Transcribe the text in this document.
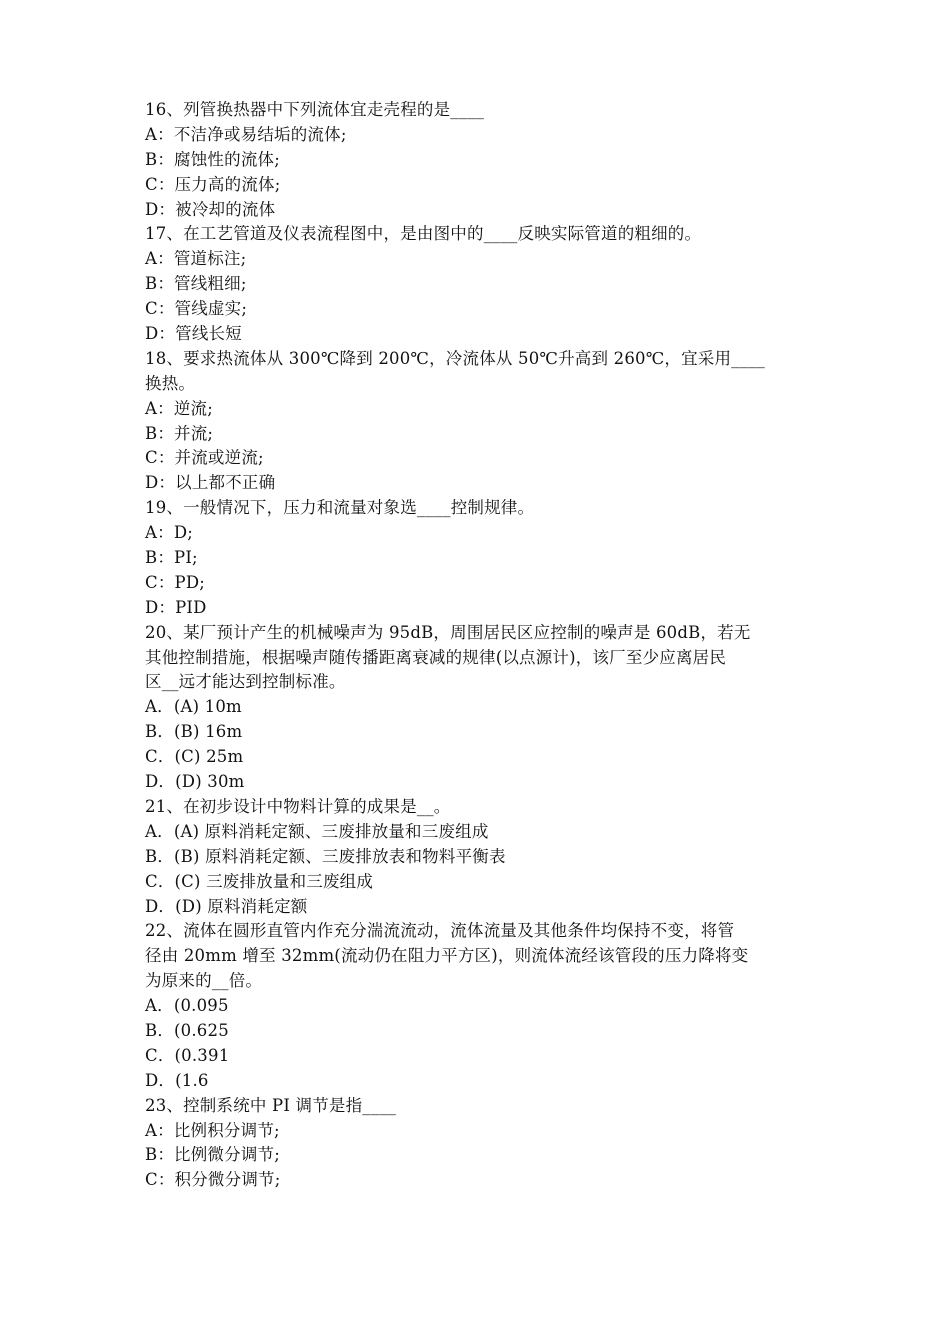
16、列管换热器中下列流体宜走壳程的是____
A：不洁净或易结垢的流体;
B：腐蚀性的流体;
C：压力高的流体;
D：被冷却的流体
17、在工艺管道及仪表流程图中，是由图中的____反映实际管道的粗细的。
A：管道标注;
B：管线粗细;
C：管线虚实;
D：管线长短
18、要求热流体从 300℃降到 200℃，冷流体从 50℃升高到 260℃，宜采用____
换热。
A：逆流;
B：并流;
C：并流或逆流;
D：以上都不正确
19、一般情况下，压力和流量对象选____控制规律。
A：D;
B：PI;
C：PD;
D：PID
20、某厂预计产生的机械噪声为 95dB，周围居民区应控制的噪声是 60dB，若无
其他控制措施，根据噪声随传播距离衰减的规律(以点源计)，该厂至少应离居民
区__远才能达到控制标准。
A．(A) 10m
B．(B) 16m
C．(C) 25m
D．(D) 30m
21、在初步设计中物料计算的成果是__。
A．(A) 原料消耗定额、三废排放量和三废组成
B．(B) 原料消耗定额、三废排放表和物料平衡表
C．(C) 三废排放量和三废组成
D．(D) 原料消耗定额
22、流体在圆形直管内作充分湍流流动，流体流量及其他条件均保持不变，将管
径由 20mm 增至 32mm(流动仍在阻力平方区)，则流体流经该管段的压力降将变
为原来的__倍。
A．(0.095
B．(0.625
C．(0.391
D．(1.6
23、控制系统中 PI 调节是指____
A：比例积分调节;
B：比例微分调节;
C：积分微分调节;
